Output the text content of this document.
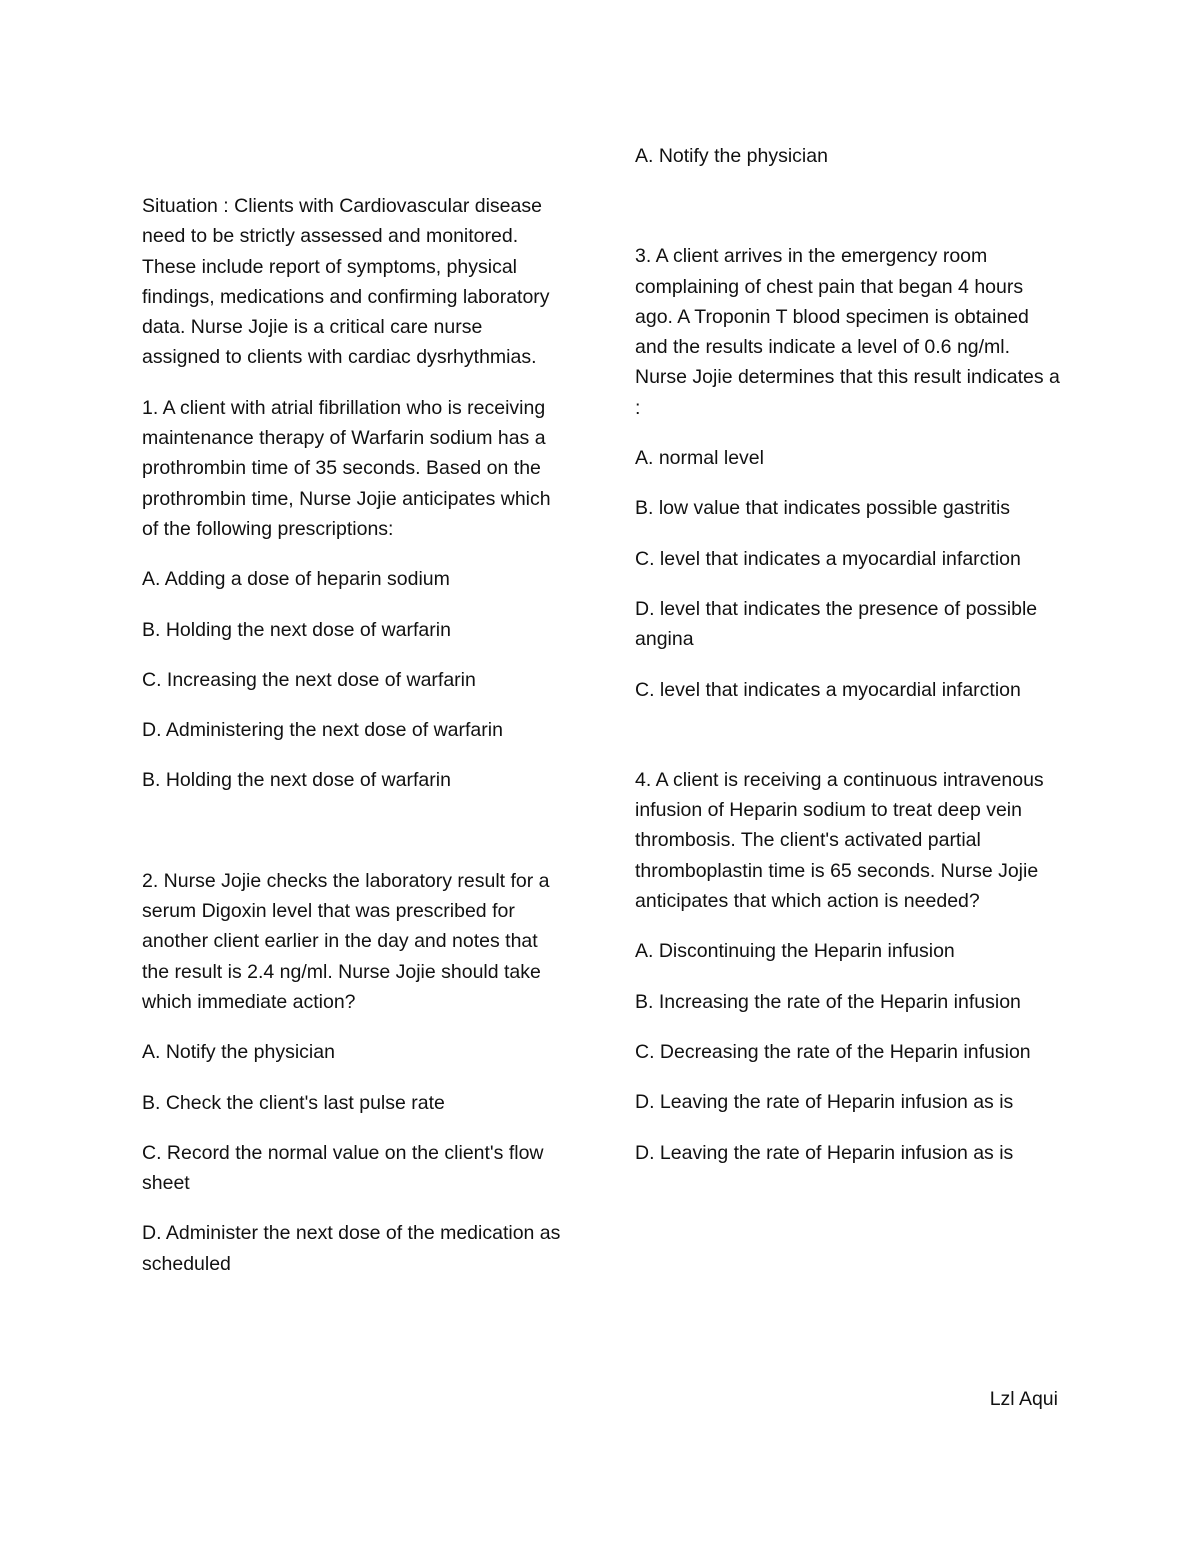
Situation : Clients with Cardiovascular disease need to be strictly assessed and monitored. These include report of symptoms, physical findings, medications and confirming laboratory data. Nurse Jojie is a critical care nurse assigned to clients with cardiac dysrhythmias.

1. A client with atrial fibrillation who is receiving maintenance therapy of Warfarin sodium has a prothrombin time of 35 seconds. Based on the prothrombin time, Nurse Jojie anticipates which of the following prescriptions:

A. Adding a dose of heparin sodium

B. Holding the next dose of warfarin

C. Increasing the next dose of warfarin

D. Administering the next dose of warfarin

B. Holding the next dose of warfarin

2. Nurse Jojie checks the laboratory result for a serum Digoxin level that was prescribed for another client earlier in the day and notes that the result is 2.4 ng/ml. Nurse Jojie should take which immediate action?

A. Notify the physician

B. Check the client's last pulse rate

C. Record the normal value on the client's flow sheet

D. Administer the next dose of the medication as scheduled

A. Notify the physician

3. A client arrives in the emergency room complaining of chest pain that began 4 hours ago. A Troponin T blood specimen is obtained and the results indicate a level of 0.6 ng/ml. Nurse Jojie determines that this result indicates a :

A. normal level

B. low value that indicates possible gastritis

C. level that indicates a myocardial infarction

D. level that indicates the presence of possible angina

C. level that indicates a myocardial infarction

4. A client is receiving a continuous intravenous infusion of Heparin sodium to treat deep vein thrombosis. The client's activated partial thromboplastin time is 65 seconds. Nurse Jojie anticipates that which action is needed?

A. Discontinuing the Heparin infusion

B. Increasing the rate of the Heparin infusion

C. Decreasing the rate of the Heparin infusion

D. Leaving the rate of Heparin infusion as is

D. Leaving the rate of Heparin infusion as is

Lzl Aqui
